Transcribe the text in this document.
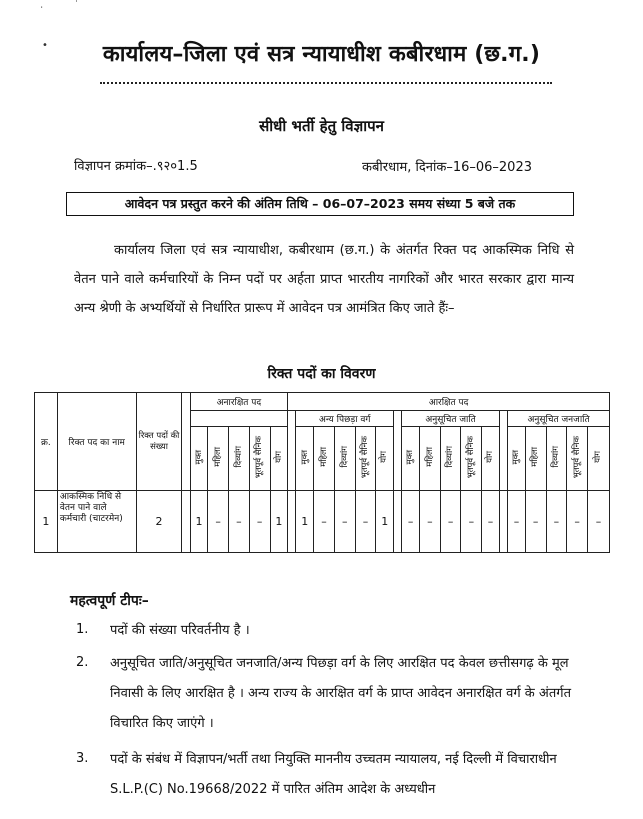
ॱ	˙
•	कार्यालय–जिला एवं सत्र न्यायाधीश कबीरधाम (छ.ग.)
सीधी भर्ती हेतु विज्ञापन
विज्ञापन क्रमांक–.९२०1.5	कबीरधाम, दिनांक–16–06–2023
आवेदन पत्र प्रस्तुत करने की अंतिम तिथि – 06–07–2023 समय संध्या 5 बजे तक
कार्यालय जिला एवं सत्र न्यायाधीश, कबीरधाम (छ.ग.) के अंतर्गत रिक्त पद आकस्मिक निधि से वेतन पाने वाले कर्मचारियों के निम्न पदों पर अर्हता प्राप्त भारतीय नागरिकों और भारत सरकार द्वारा मान्य अन्य श्रेणी के अभ्यर्थियों से निर्धारित प्रारूप में आवेदन पत्र आमंत्रित किए जाते हैंः–
रिक्त पदों का विवरण
क्र.	रिक्त पद का नाम	रिक्त पदों की संख्या		अनारक्षित पद					आरक्षित पद																	
										अन्य पिछड़ा वर्ग						अनुसूचित जाति						अनुसूचित जनजाति				
				मुक्त	महिला	दिव्यांग	भूतपूर्व सैनिक	योग		मुक्त	महिला	दिव्यांग	भूतपूर्व सैनिक	योग		मुक्त	महिला	दिव्यांग	भूतपूर्व सैनिक	योग		मुक्त	महिला	दिव्यांग	भूतपूर्व सैनिक	योग
1	आकस्मिक निधि से वेतन पाने वाले कर्मचारी (चाटरमेन)	2		1	–	–	–	1		1	–	–	–	1		–	–	–	–	–		–	–	–	–	–
महत्वपूर्ण टीपः–
1. पदों की संख्या परिवर्तनीय है ।
2. अनुसूचित जाति/अनुसूचित जनजाति/अन्य पिछड़ा वर्ग के लिए आरक्षित पद केवल छत्तीसगढ़ के मूल निवासी के लिए आरक्षित है । अन्य राज्य के आरक्षित वर्ग के प्राप्त आवेदन अनारक्षित वर्ग के अंतर्गत विचारित किए जाएंगे ।
3. पदों के संबंध में विज्ञापन/भर्ती तथा नियुक्ति माननीय उच्चतम न्यायालय, नई दिल्ली में विचाराधीन S.L.P.(C) No.19668/2022 में पारित अंतिम आदेश के अध्यधीन
